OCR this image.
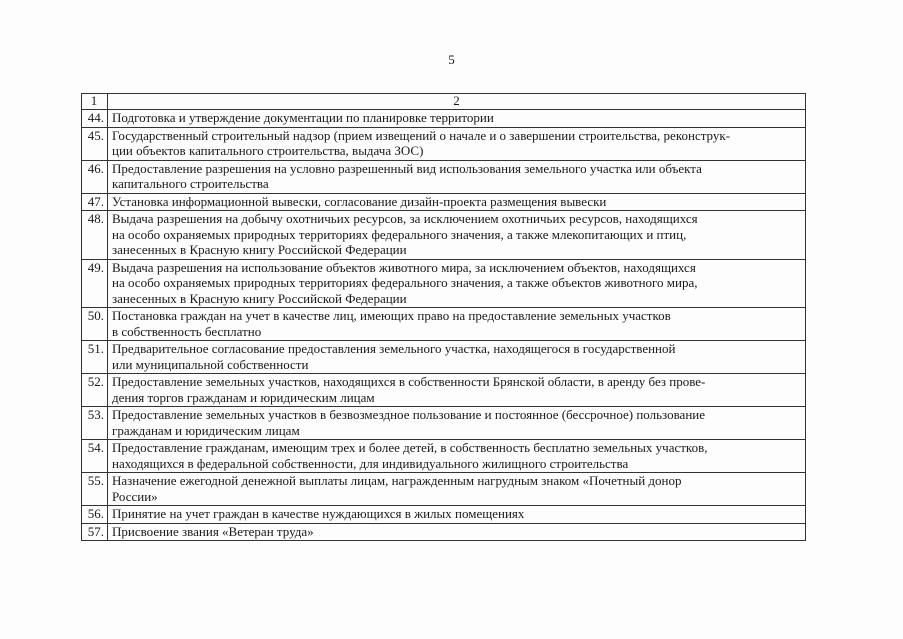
5
1	2
44.	Подготовка и утверждение документации по планировке территории

45.	Государственный строительный надзор (прием извещений о начале и о завершении строительства, реконструк-
ции объектов капитального строительства, выдача ЗОС)

46.	Предоставление разрешения на условно разрешенный вид использования земельного участка или объекта
капитального строительства

47.	Установка информационной вывески, согласование дизайн-проекта размещения вывески

48.	Выдача разрешения на добычу охотничьих ресурсов, за исключением охотничьих ресурсов, находящихся
на особо охраняемых природных территориях федерального значения, а также млекопитающих и птиц,
занесенных в Красную книгу Российской Федерации

49.	Выдача разрешения на использование объектов животного мира, за исключением объектов, находящихся
на особо охраняемых природных территориях федерального значения, а также объектов животного мира,
занесенных в Красную книгу Российской Федерации

50.	Постановка граждан на учет в качестве лиц, имеющих право на предоставление земельных участков
в собственность бесплатно

51.	Предварительное согласование предоставления земельного участка, находящегося в государственной
или муниципальной собственности

52.	Предоставление земельных участков, находящихся в собственности Брянской области, в аренду без прове-
дения торгов гражданам и юридическим лицам

53.	Предоставление земельных участков в безвозмездное пользование и постоянное (бессрочное) пользование
гражданам и юридическим лицам

54.	Предоставление гражданам, имеющим трех и более детей, в собственность бесплатно земельных участков,
находящихся в федеральной собственности, для индивидуального жилищного строительства

55.	Назначение ежегодной денежной выплаты лицам, награжденным нагрудным знаком «Почетный донор
России»

56.	Принятие на учет граждан в качестве нуждающихся в жилых помещениях

57.	Присвоение звания «Ветеран труда»
